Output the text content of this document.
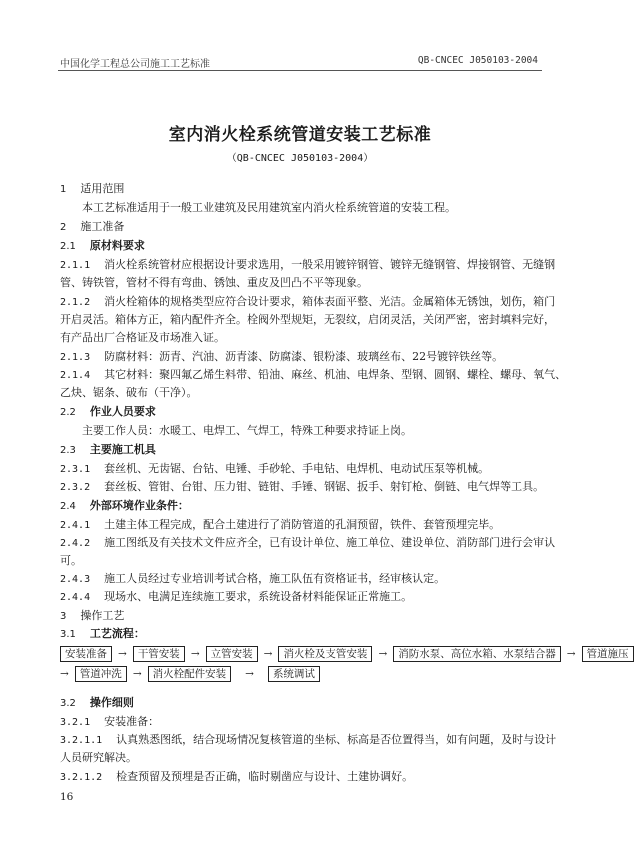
中国化学工程总公司施工工艺标准	QB-CNCEC J050103-2004
室内消火栓系统管道安装工艺标准
（QB-CNCEC J050103-2004）
1 适用范围
本工艺标准适用于一般工业建筑及民用建筑室内消火栓系统管道的安装工程。
2 施工准备
2.1 原材料要求
2.1.1 消火栓系统管材应根据设计要求选用，一般采用镀锌钢管、镀锌无缝钢管、焊接钢管、无缝钢
管、铸铁管，管材不得有弯曲、锈蚀、重皮及凹凸不平等现象。
2.1.2 消火栓箱体的规格类型应符合设计要求，箱体表面平整、光洁。金属箱体无锈蚀，划伤，箱门
开启灵活。箱体方正，箱内配件齐全。栓阀外型规矩，无裂纹，启闭灵活，关闭严密，密封填料完好，
有产品出厂合格证及市场准入证。
2.1.3 防腐材料：沥青、汽油、沥青漆、防腐漆、银粉漆、玻璃丝布、22号镀锌铁丝等。
2.1.4 其它材料：聚四氟乙烯生料带、铅油、麻丝、机油、电焊条、型钢、圆钢、螺栓、螺母、氧气、
乙炔、锯条、破布（干净）。
2.2 作业人员要求
主要工作人员：水暖工、电焊工、气焊工，特殊工种要求持证上岗。
2.3 主要施工机具
2.3.1 套丝机、无齿锯、台钻、电锤、手砂轮、手电钻、电焊机、电动试压泵等机械。
2.3.2 套丝板、管钳、台钳、压力钳、链钳、手锤、钢锯、扳手、射钉枪、倒链、电气焊等工具。
2.4 外部环境作业条件：
2.4.1 土建主体工程完成，配合土建进行了消防管道的孔洞预留，铁件、套管预埋完毕。
2.4.2 施工图纸及有关技术文件应齐全，已有设计单位、施工单位、建设单位、消防部门进行会审认
可。
2.4.3 施工人员经过专业培训考试合格，施工队伍有资格证书，经审核认定。
2.4.4 现场水、电满足连续施工要求，系统设备材料能保证正常施工。
3 操作工艺
3.1 工艺流程：
安装准备 → 干管安装 → 立管安装 → 消火栓及支管安装 → 消防水泵、高位水箱、水泵结合器 → 管道施压
→ 管道冲洗 → 消火栓配件安装 → 系统调试
3.2 操作细则
3.2.1 安装准备：
3.2.1.1 认真熟悉图纸，结合现场情况复核管道的坐标、标高是否位置得当，如有问题，及时与设计
人员研究解决。
3.2.1.2 检查预留及预埋是否正确，临时剔凿应与设计、土建协调好。
16
